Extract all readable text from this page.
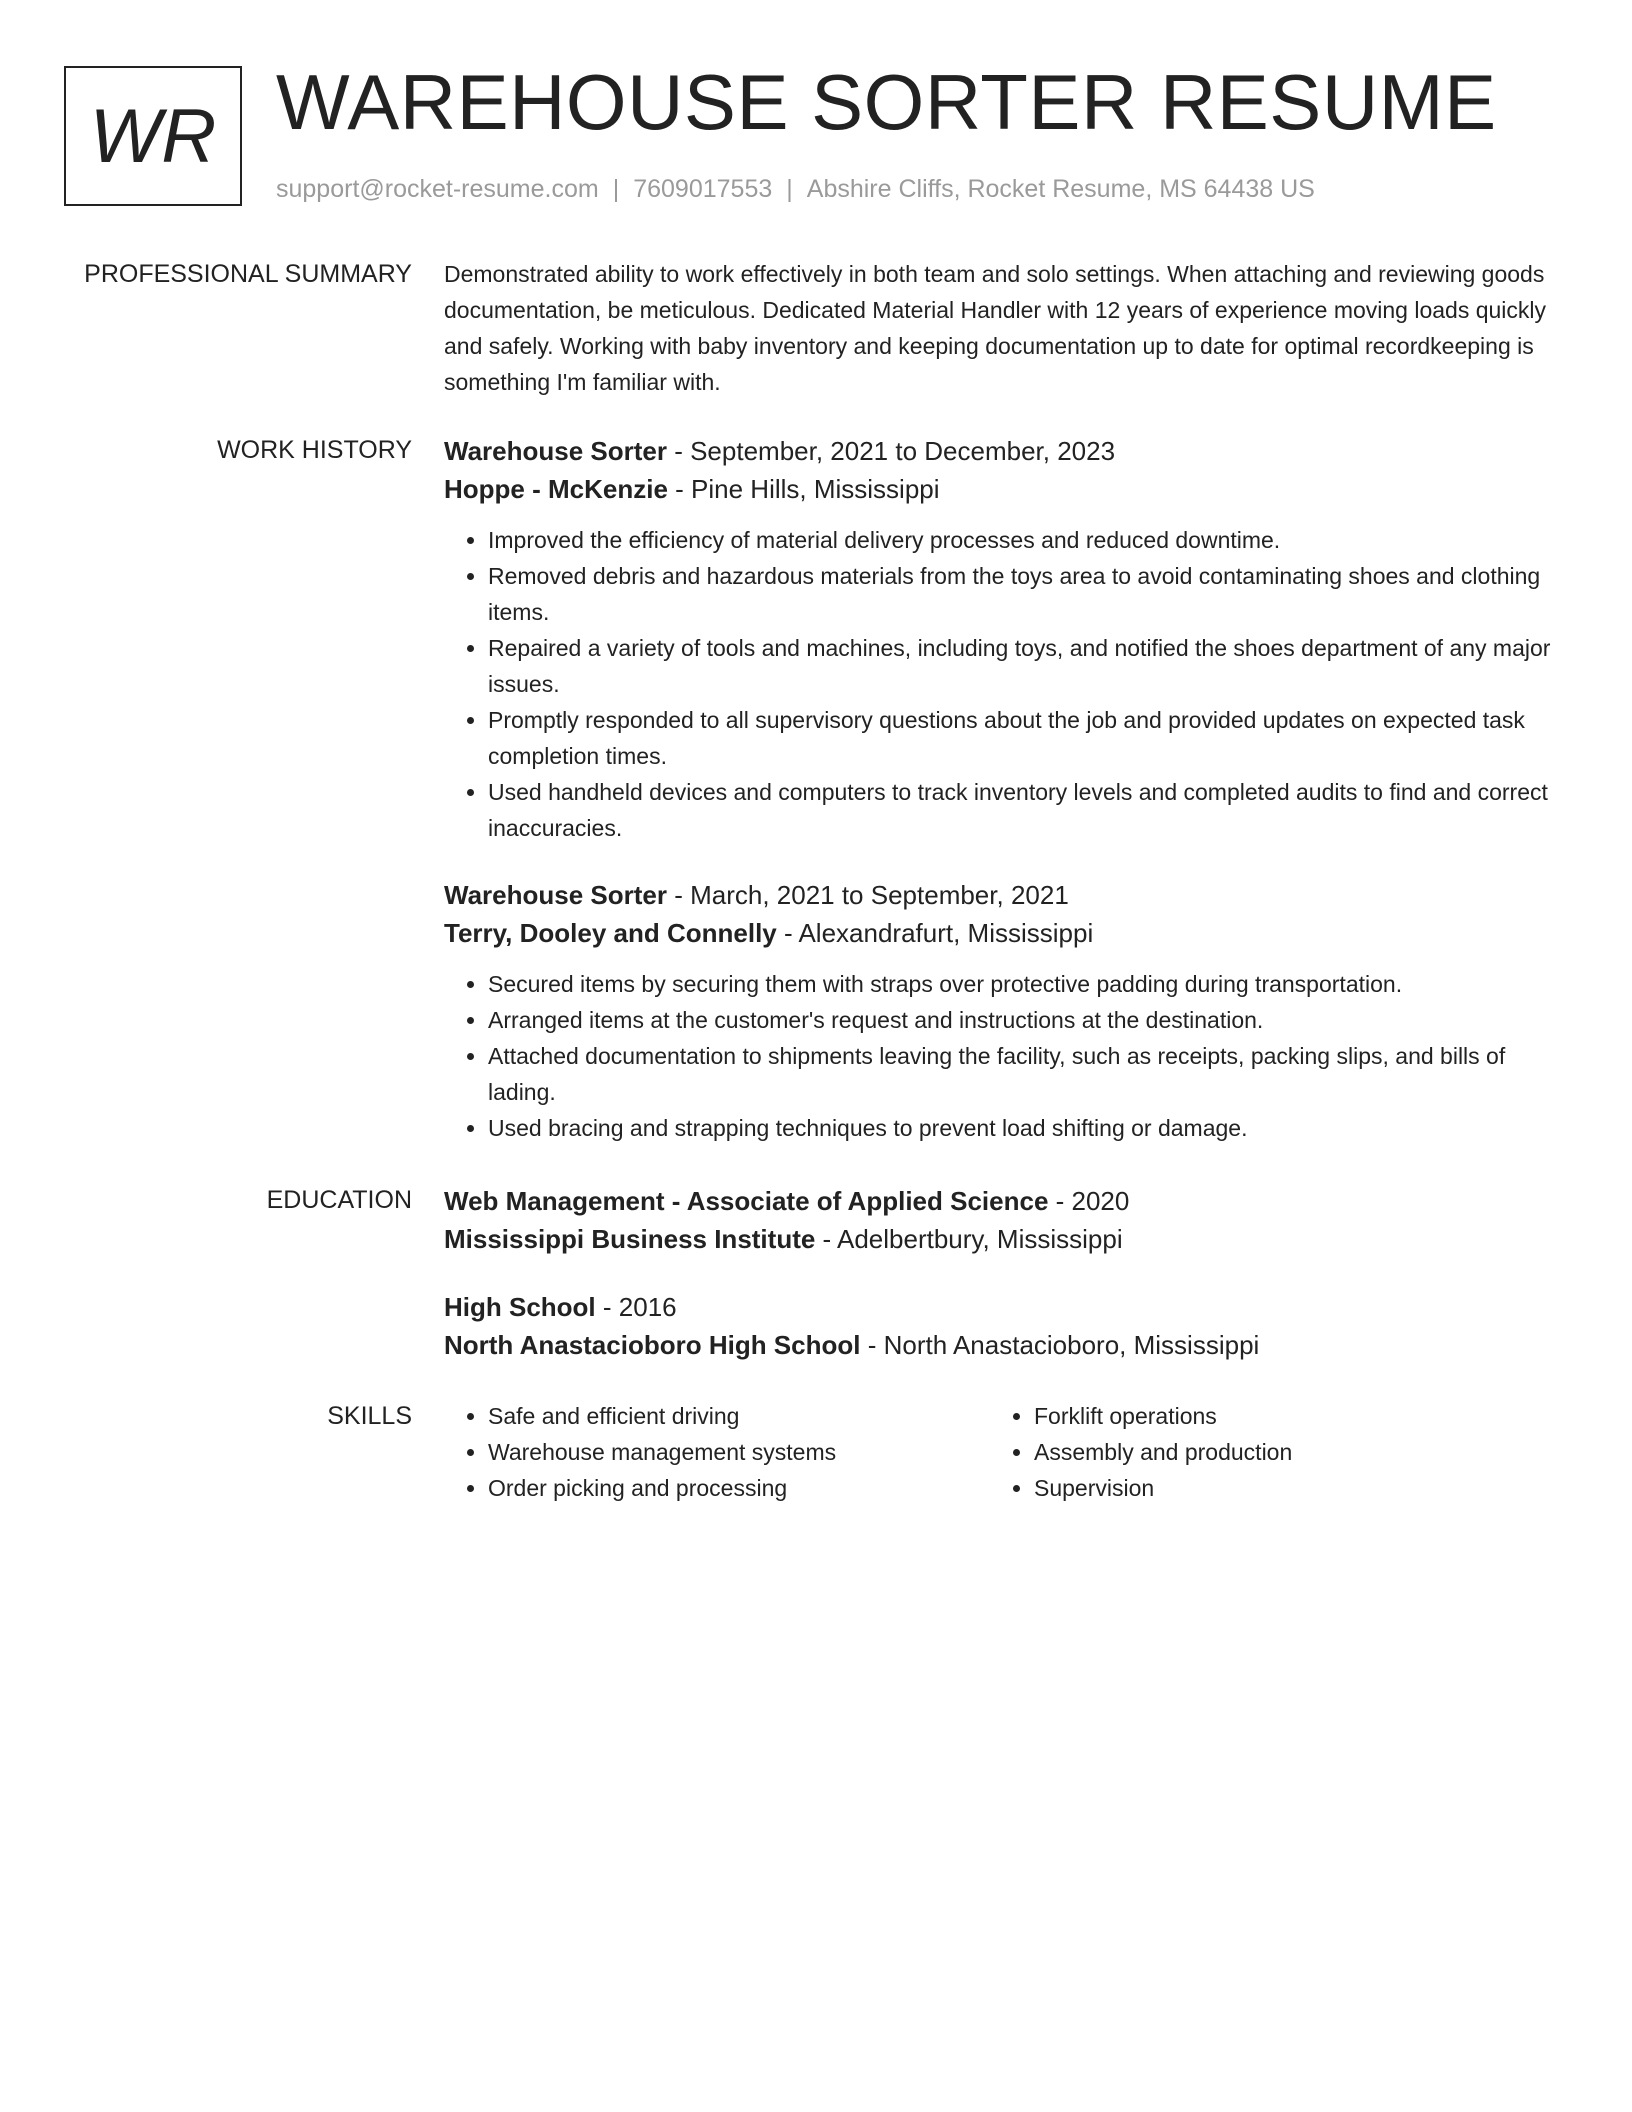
WR WAREHOUSE SORTER RESUME
support@rocket-resume.com | 7609017553 | Abshire Cliffs, Rocket Resume, MS 64438 US
PROFESSIONAL SUMMARY Demonstrated ability to work effectively in both team and solo settings. When attaching and reviewing goods documentation, be meticulous. Dedicated Material Handler with 12 years of experience moving loads quickly and safely. Working with baby inventory and keeping documentation up to date for optimal recordkeeping is something I'm familiar with.

WORK HISTORY Warehouse Sorter - September, 2021 to December, 2023

Hoppe - McKenzie - Pine Hills, Mississippi

• Improved the efficiency of material delivery processes and reduced downtime.
• Removed debris and hazardous materials from the toys area to avoid contaminating shoes and clothing items.
• Repaired a variety of tools and machines, including toys, and notified the shoes department of any major issues.
• Promptly responded to all supervisory questions about the job and provided updates on expected task completion times.
• Used handheld devices and computers to track inventory levels and completed audits to find and correct inaccuracies.

Warehouse Sorter - March, 2021 to September, 2021

Terry, Dooley and Connelly - Alexandrafurt, Mississippi

• Secured items by securing them with straps over protective padding during transportation.
• Arranged items at the customer's request and instructions at the destination.
• Attached documentation to shipments leaving the facility, such as receipts, packing slips, and bills of lading.
• Used bracing and strapping techniques to prevent load shifting or damage.
EDUCATION Web Management - Associate of Applied Science - 2020

Mississippi Business Institute - Adelbertbury, Mississippi

High School - 2016

North Anastacioboro High School - North Anastacioboro, Mississippi

SKILLS
•	Safe and efficient driving
• Warehouse management systems
• Order picking and processing
• Forklift operations
• Assembly and production
• Supervision
